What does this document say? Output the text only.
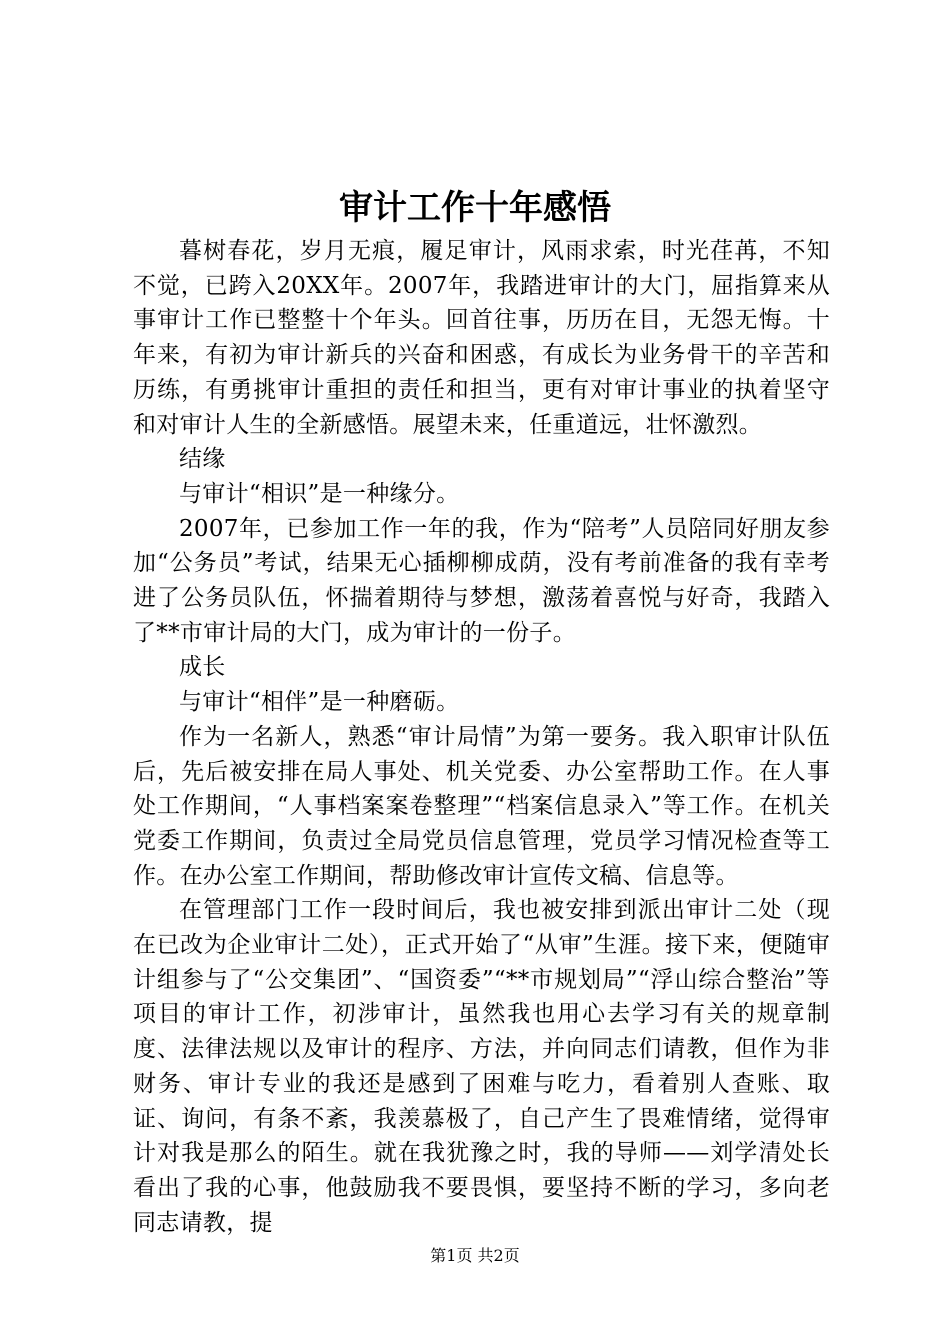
审计工作十年感悟

暮树春花，岁月无痕，履足审计，风雨求索，时光荏苒，不知不觉，已跨入20XX年。2007年，我踏进审计的大门，屈指算来从事审计工作已整整十个年头。回首往事，历历在目，无怨无悔。十年来，有初为审计新兵的兴奋和困惑，有成长为业务骨干的辛苦和历练，有勇挑审计重担的责任和担当，更有对审计事业的执着坚守和对审计人生的全新感悟。展望未来，任重道远，壮怀激烈。

结缘

与审计“相识”是一种缘分。

2007年，已参加工作一年的我，作为“陪考”人员陪同好朋友参加“公务员”考试，结果无心插柳柳成荫，没有考前准备的我有幸考进了公务员队伍，怀揣着期待与梦想，激荡着喜悦与好奇，我踏入了**市审计局的大门，成为审计的一份子。

成长

与审计“相伴”是一种磨砺。

作为一名新人，熟悉“审计局情”为第一要务。我入职审计队伍后，先后被安排在局人事处、机关党委、办公室帮助工作。在人事处工作期间，“人事档案案卷整理”“档案信息录入”等工作。在机关党委工作期间，负责过全局党员信息管理，党员学习情况检查等工作。在办公室工作期间，帮助修改审计宣传文稿、信息等。

在管理部门工作一段时间后，我也被安排到派出审计二处（现在已改为企业审计二处），正式开始了“从审”生涯。接下来，便随审计组参与了“公交集团”、“国资委”“**市规划局”“浮山综合整治”等项目的审计工作，初涉审计，虽然我也用心去学习有关的规章制度、法律法规以及审计的程序、方法，并向同志们请教，但作为非财务、审计专业的我还是感到了困难与吃力，看着别人查账、取证、询问，有条不紊，我羡慕极了，自己产生了畏难情绪，觉得审计对我是那么的陌生。就在我犹豫之时，我的导师——刘学清处长看出了我的心事，他鼓励我不要畏惧，要坚持不断的学习，多向老同志请教，提

第1页 共2页
